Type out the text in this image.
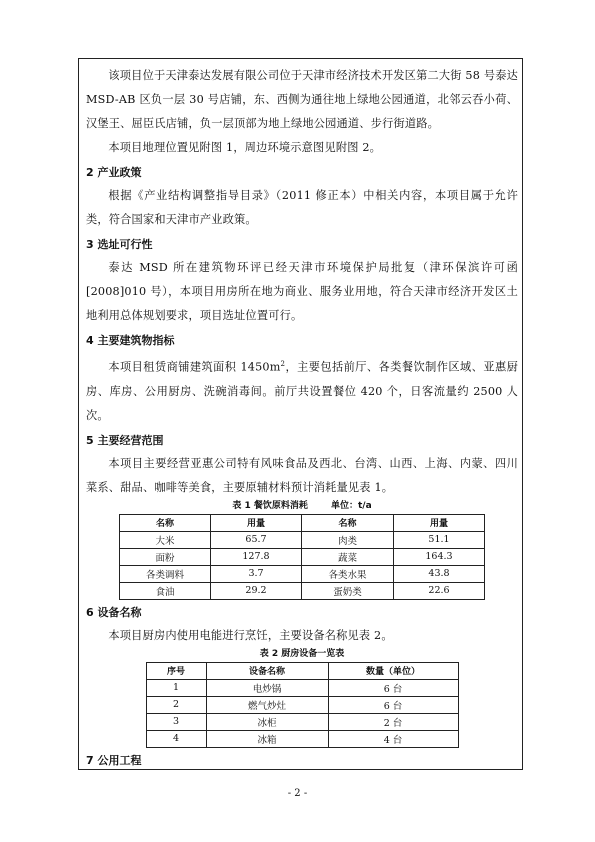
该项目位于天津泰达发展有限公司位于天津市经济技术开发区第二大街 58 号泰达 MSD-AB 区负一层 30 号店铺，东、西侧为通往地上绿地公园通道，北邻云吞小荷、汉堡王、屈臣氏店铺，负一层顶部为地上绿地公园通道、步行街道路。

本项目地理位置见附图 1，周边环境示意图见附图 2。

2 产业政策

根据《产业结构调整指导目录》（2011 修正本）中相关内容，本项目属于允许类，符合国家和天津市产业政策。

3 选址可行性

泰达 MSD 所在建筑物环评已经天津市环境保护局批复（津环保滨许可函[2008]010 号），本项目用房所在地为商业、服务业用地，符合天津市经济开发区土地利用总体规划要求，项目选址位置可行。

4 主要建筑物指标

本项目租赁商铺建筑面积 $1450m^2$，主要包括前厅、各类餐饮制作区域、亚惠厨房、库房、公用厨房、洗碗消毒间。前厅共设置餐位 420 个，日客流量约 2500 人次。

5 主要经营范围

本项目主要经营亚惠公司特有风味食品及西北、台湾、山西、上海、内蒙、四川菜系、甜品、咖啡等美食，主要原辅材料预计消耗量见表 1。

表 1 餐饮原料消耗	单位：t/a
名称	用量	名称	用量
大米	65.7	肉类	51.1
面粉	127.8	蔬菜	164.3
各类调料	3.7	各类水果	43.8
食油	29.2	蛋奶类	22.6
6 设备名称

本项目厨房内使用电能进行烹饪，主要设备名称见表 2。

表 2 厨房设备一览表
序号	设备名称	数量（单位）
1	电炒锅	6 台
2	燃气炒灶	6 台
3	冰柜	2 台
4	冰箱	4 台
7 公用工程
- 2 -
